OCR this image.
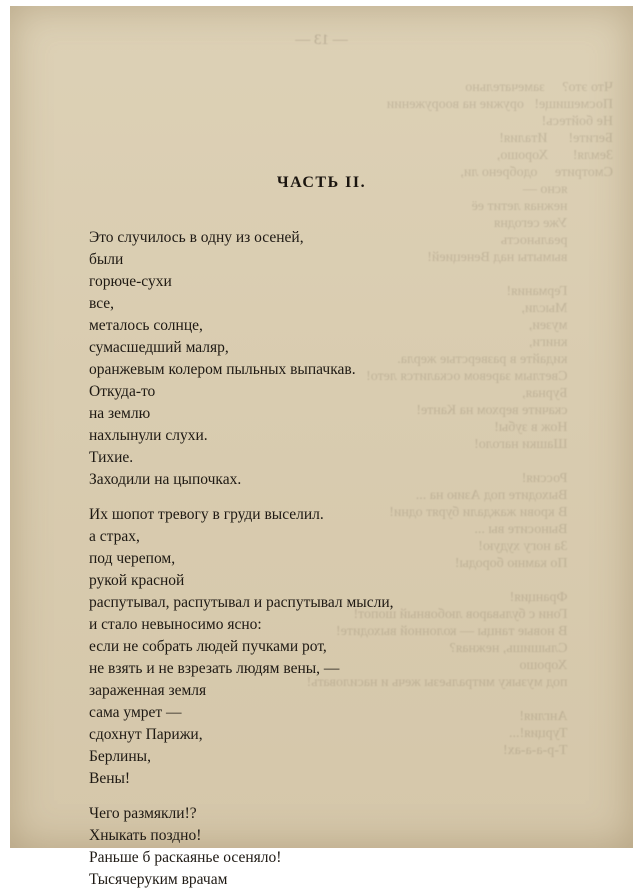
— 13 —

Что это?     замечательно
Посмешище!   оружие на вооружении
Не бойтесь!
Бегите!      Италия!
Земля!       Хорошо,
Смотрите     одобрено ли,
ясно —
нежная летит её
Уже сегодня
реальность
вымыты над Венецией!

Германия!
Мысли,
музеи,
книги,
кидайте в разверстые жерла.
Светлым заревом оскалится лето!
Бурная,
скачите верхом на Канте!
Нож в зубы!
Шашки наголо!

Россия!
Выходите под Азию на ...
В крови жаждали бурят одни!
Выносите вы ...
За ногу худую!
По камню бороды!

Франция!
Гони с бульваров любовный шопот!
В новые танцы — колонной выходите!
Слышишь, нежная?
Хорошо
под музыку митральезы жечь и насиловать!

Англия!
Турция!...
Т-р-а-а-ах!
ЧАСТЬ II.
Это случилось в одну из осеней,
были
горюче-сухи
все,
металось солнце,
сумасшедший маляр,
оранжевым колером пыльных выпачкав.
Откуда-то
на землю
нахлынули слухи.
Тихие.
Заходили на цыпочках.
Их шопот тревогу в груди выселил.
а страх,
под черепом,
рукой красной
распутывал, распутывал и распутывал мысли,
и стало невыносимо ясно:
если не собрать людей пучками рот,
не взять и не взрезать людям вены, —
зараженная земля
сама умрет —
сдохнут Парижи,
Берлины,
Вены!
Чего размякли!?
Хныкать поздно!
Раньше б раскаянье осеняло!
Тысячеруким врачам
